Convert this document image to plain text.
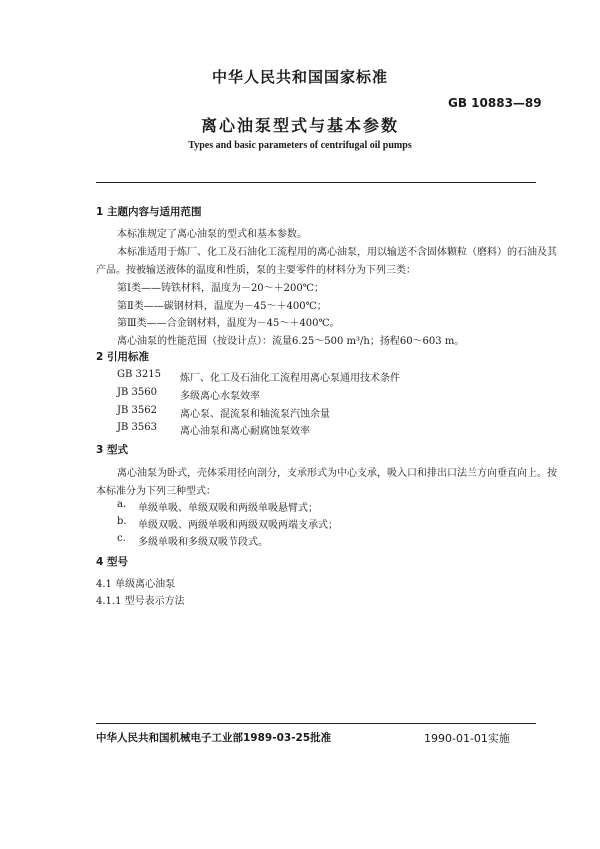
中华人民共和国国家标准
GB 10883—89
离心油泵型式与基本参数
Types and basic parameters of centrifugal oil pumps
1 主题内容与适用范围
本标准规定了离心油泵的型式和基本参数。
本标准适用于炼厂、化工及石油化工流程用的离心油泵，用以输送不含固体颗粒（磨料）的石油及其
产品。按被输送液体的温度和性质，泵的主要零件的材料分为下列三类：
第Ⅰ类——铸铁材料，温度为－20～＋200℃；
第Ⅱ类——碳钢材料，温度为－45～＋400℃；
第Ⅲ类——合金钢材料，温度为－45～＋400℃。
离心油泵的性能范围（按设计点）：流量6.25～500 m³/h；扬程60～603 m。
2 引用标准
GB 3215 炼厂、化工及石油化工流程用离心泵通用技术条件
JB 3560 多级离心水泵效率
JB 3562 离心泵、混流泵和轴流泵汽蚀余量
JB 3563 离心油泵和离心耐腐蚀泵效率
3 型式
离心油泵为卧式，壳体采用径向剖分，支承形式为中心支承，吸入口和排出口法兰方向垂直向上。按
本标准分为下列三种型式：
a. 单级单吸、单级双吸和两级单吸悬臂式；
b. 单级双吸、两级单吸和两级双吸两端支承式；
c. 多级单吸和多级双吸节段式。
4 型号
4.1 单级离心油泵
4.1.1 型号表示方法
中华人民共和国机械电子工业部1989-03-25批准	1990-01-01实施
